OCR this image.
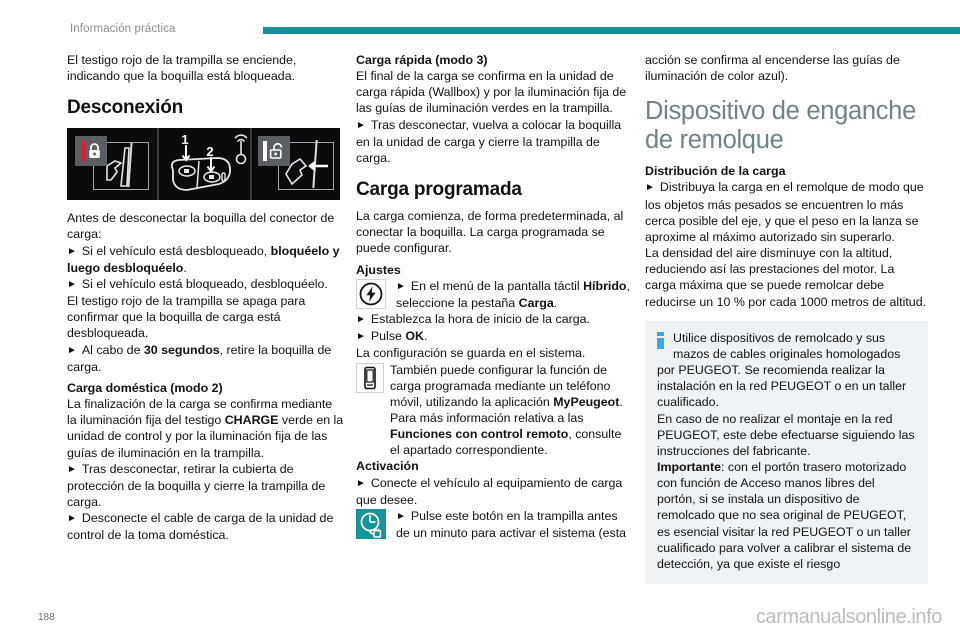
Información práctica

El testigo rojo de la trampilla se enciende, indicando que la boquilla está bloqueada.

Desconexión
1
2

Antes de desconectar la boquilla del conector de carga:

► Si el vehículo está desbloqueado, bloquéelo y luego desbloquéelo.

► Si el vehículo está bloqueado, desbloquéelo.

El testigo rojo de la trampilla se apaga para confirmar que la boquilla de carga está desbloqueada.

► Al cabo de 30 segundos, retire la boquilla de carga.

Carga doméstica (modo 2)

La finalización de la carga se confirma mediante la iluminación fija del testigo CHARGE verde en la unidad de control y por la iluminación fija de las guías de iluminación en la trampilla.

► Tras desconectar, retirar la cubierta de protección de la boquilla y cierre la trampilla de carga.

► Desconecte el cable de carga de la unidad de control de la toma doméstica.

Carga rápida (modo 3)

El final de la carga se confirma en la unidad de carga rápida (Wallbox) y por la iluminación fija de las guías de iluminación verdes en la trampilla.

► Tras desconectar, vuelva a colocar la boquilla en la unidad de carga y cierre la trampilla de carga.

Carga programada

La carga comienza, de forma predeterminada, al conectar la boquilla. La carga programada se puede configurar.

Ajustes

► En el menú de la pantalla táctil Híbrido, seleccione la pestaña Carga.

► Establezca la hora de inicio de la carga.

► Pulse OK.

La configuración se guarda en el sistema.

También puede configurar la función de carga programada mediante un teléfono móvil, utilizando la aplicación MyPeugeot. Para más información relativa a las Funciones con control remoto, consulte el apartado correspondiente.

Activación

► Conecte el vehículo al equipamiento de carga que desee.

► Pulse este botón en la trampilla antes de un minuto para activar el sistema (esta

acción se confirma al encenderse las guías de iluminación de color azul).

Dispositivo de enganche de remolque

Distribución de la carga

► Distribuya la carga en el remolque de modo que los objetos más pesados se encuentren lo más cerca posible del eje, y que el peso en la lanza se aproxime al máximo autorizado sin superarlo.

La densidad del aire disminuye con la altitud, reduciendo así las prestaciones del motor. La carga máxima que se puede remolcar debe reducirse un 10 % por cada 1000 metros de altitud.

Utilice dispositivos de remolcado y sus mazos de cables originales homologados por PEUGEOT. Se recomienda realizar la instalación en la red PEUGEOT o en un taller cualificado.

En caso de no realizar el montaje en la red PEUGEOT, este debe efectuarse siguiendo las instrucciones del fabricante.

Importante: con el portón trasero motorizado con función de Acceso manos libres del portón, si se instala un dispositivo de remolcado que no sea original de PEUGEOT, es esencial visitar la red PEUGEOT o un taller cualificado para volver a calibrar el sistema de detección, ya que existe el riesgo

188	carmanualsonline.info
